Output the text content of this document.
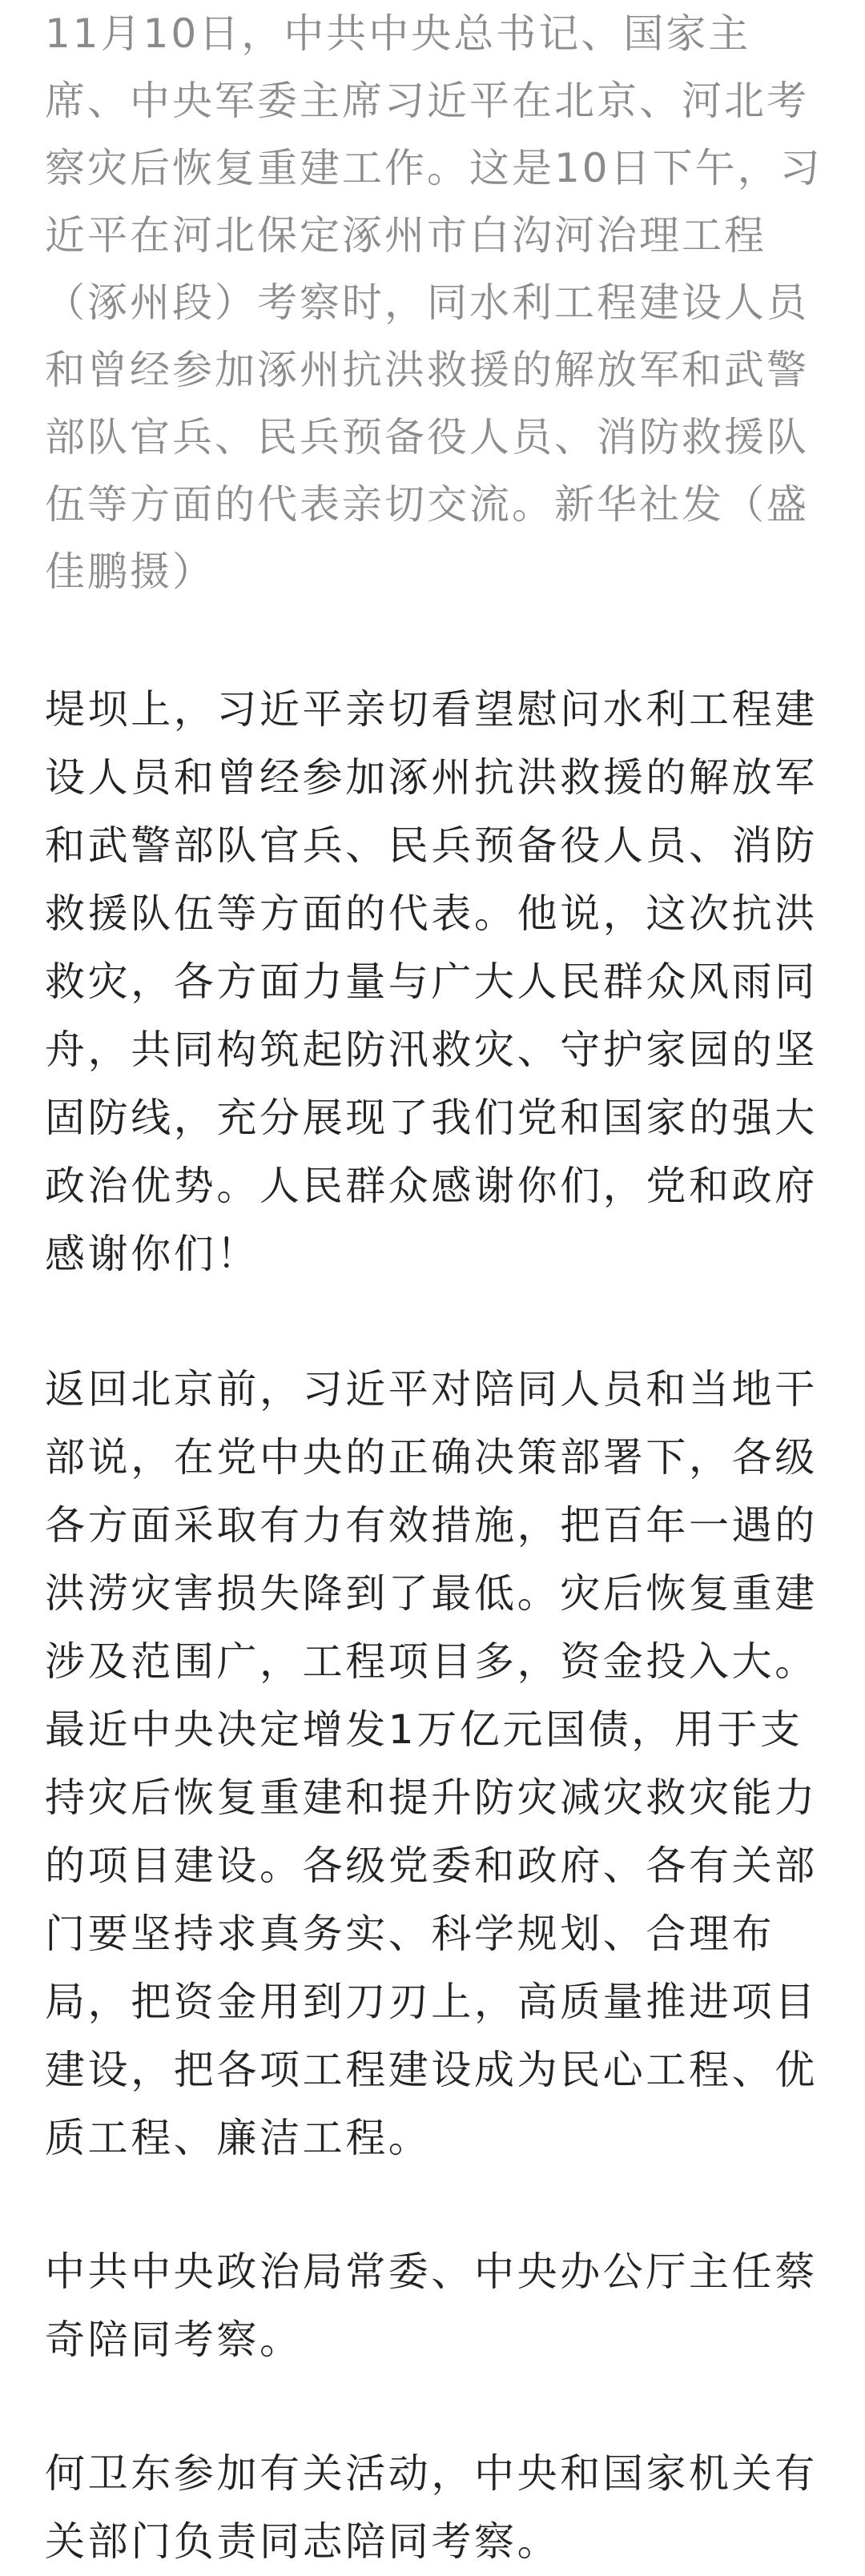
11月10日，中共中央总书记、国家主席、中央军委主席习近平在北京、河北考察灾后恢复重建工作。这是10日下午，习近平在河北保定涿州市白沟河治理工程（涿州段）考察时，同水利工程建设人员和曾经参加涿州抗洪救援的解放军和武警部队官兵、民兵预备役人员、消防救援队伍等方面的代表亲切交流。新华社发（盛佳鹏摄）

堤坝上，习近平亲切看望慰问水利工程建设人员和曾经参加涿州抗洪救援的解放军和武警部队官兵、民兵预备役人员、消防救援队伍等方面的代表。他说，这次抗洪救灾，各方面力量与广大人民群众风雨同舟，共同构筑起防汛救灾、守护家园的坚固防线，充分展现了我们党和国家的强大政治优势。人民群众感谢你们，党和政府感谢你们！

返回北京前，习近平对陪同人员和当地干部说，在党中央的正确决策部署下，各级各方面采取有力有效措施，把百年一遇的洪涝灾害损失降到了最低。灾后恢复重建涉及范围广，工程项目多，资金投入大。最近中央决定增发1万亿元国债，用于支持灾后恢复重建和提升防灾减灾救灾能力的项目建设。各级党委和政府、各有关部门要坚持求真务实、科学规划、合理布局，把资金用到刀刃上，高质量推进项目建设，把各项工程建设成为民心工程、优质工程、廉洁工程。

中共中央政治局常委、中央办公厅主任蔡奇陪同考察。

何卫东参加有关活动，中央和国家机关有关部门负责同志陪同考察。
